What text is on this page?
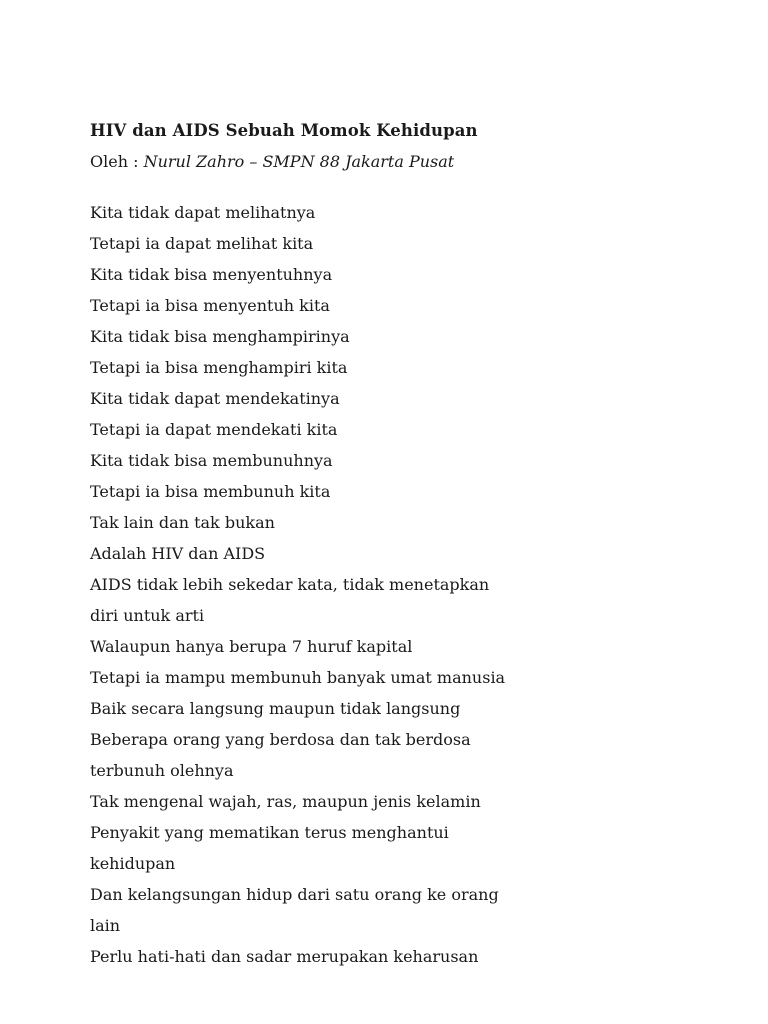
HIV dan AIDS Sebuah Momok Kehidupan

Oleh : Nurul Zahro – SMPN 88 Jakarta Pusat

Kita tidak dapat melihatnya

Tetapi ia dapat melihat kita

Kita tidak bisa menyentuhnya

Tetapi ia bisa menyentuh kita

Kita tidak bisa menghampirinya

Tetapi ia bisa menghampiri kita

Kita tidak dapat mendekatinya

Tetapi ia dapat mendekati kita

Kita tidak bisa membunuhnya

Tetapi ia bisa membunuh kita

Tak lain dan tak bukan

Adalah HIV dan AIDS

AIDS tidak lebih sekedar kata, tidak menetapkan diri untuk arti

Walaupun hanya berupa 7 huruf kapital

Tetapi ia mampu membunuh banyak umat manusia

Baik secara langsung maupun tidak langsung

Beberapa orang yang berdosa dan tak berdosa terbunuh olehnya

Tak mengenal wajah, ras, maupun jenis kelamin

Penyakit yang mematikan terus menghantui kehidupan

Dan kelangsungan hidup dari satu orang ke orang lain

Perlu hati-hati dan sadar merupakan keharusan
